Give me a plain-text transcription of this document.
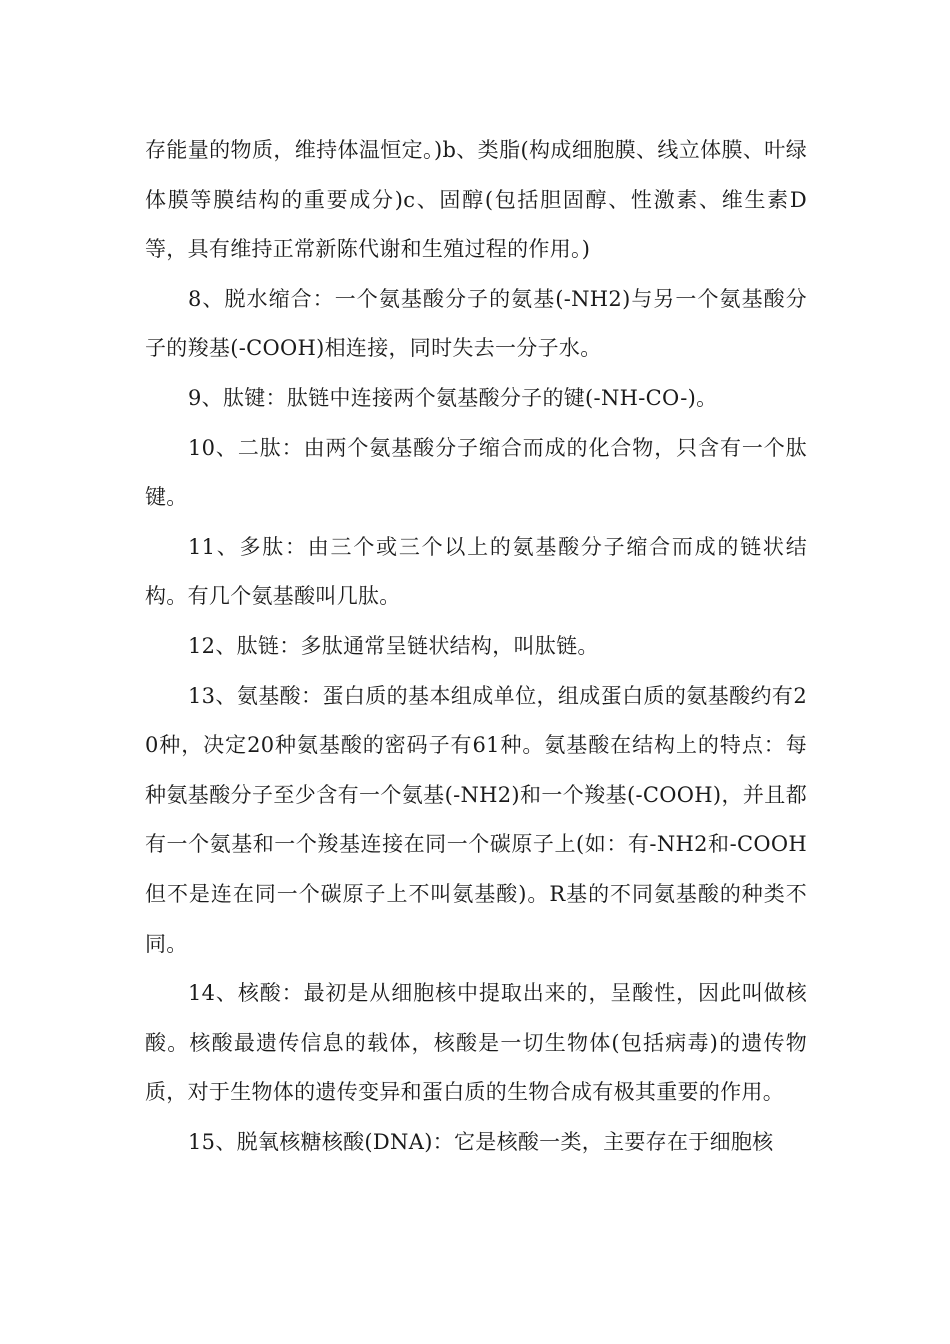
存能量的物质，维持体温恒定。)b、类脂(构成细胞膜、线立体膜、叶绿体膜等膜结构的重要成分)c、固醇(包括胆固醇、性激素、维生素D等，具有维持正常新陈代谢和生殖过程的作用。)

8、脱水缩合：一个氨基酸分子的氨基(-NH2)与另一个氨基酸分子的羧基(-COOH)相连接，同时失去一分子水。

9、肽键：肽链中连接两个氨基酸分子的键(-NH-CO-)。

10、二肽：由两个氨基酸分子缩合而成的化合物，只含有一个肽键。

11、多肽：由三个或三个以上的氨基酸分子缩合而成的链状结构。有几个氨基酸叫几肽。

12、肽链：多肽通常呈链状结构，叫肽链。

13、氨基酸：蛋白质的基本组成单位，组成蛋白质的氨基酸约有20种，决定20种氨基酸的密码子有61种。氨基酸在结构上的特点：每种氨基酸分子至少含有一个氨基(-NH2)和一个羧基(-COOH)，并且都有一个氨基和一个羧基连接在同一个碳原子上(如：有-NH2和-COOH但不是连在同一个碳原子上不叫氨基酸)。R基的不同氨基酸的种类不同。

14、核酸：最初是从细胞核中提取出来的，呈酸性，因此叫做核酸。核酸最遗传信息的载体，核酸是一切生物体(包括病毒)的遗传物质，对于生物体的遗传变异和蛋白质的生物合成有极其重要的作用。

15、脱氧核糖核酸(DNA)：它是核酸一类，主要存在于细胞核
